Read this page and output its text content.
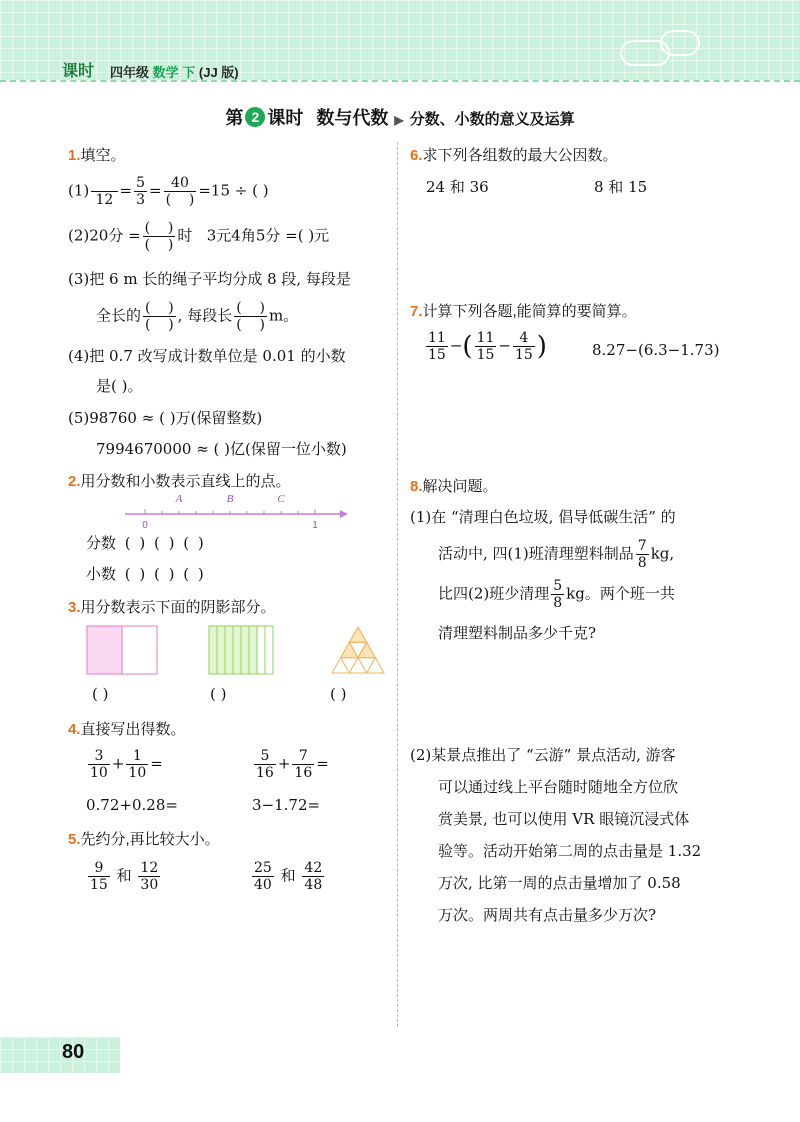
课时 四年级 数学 下 (JJ 版)
第 2 课时 数与代数 ▶ 分数、小数的意义及运算
1.填空。
(1)

12
= $\frac{5}{3} = \frac{40}{( )} =15$ ÷ ( )
(2)20分 = $\frac{( )}{( )}$ 时 3元4角5分 =( )元
(3)把 6 m 长的绳子平均分成 8 段, 每段是
全长的 $\frac{( )}{( )}$ , 每段长 $\frac{( )}{( )}$ m。
(4)把 0.7 改写成计数单位是 0.01 的小数
是( )。
(5)98760 ≈ ( )万(保留整数)
7994670000 ≈ ( )亿(保留一位小数)
2.用分数和小数表示直线上的点。
A	B	C
0	1
分数 ( ) ( ) ( )
小数 ( ) ( ) ( )
3.用分数表示下面的阴影部分。
( )	( )	( )
4.直接写出得数。
$\frac{3}{10} + \frac{1}{10}$ =	$\frac{5}{16} + \frac{7}{16}$ =
0.72+0.28=	3−1.72=
5.先约分,再比较大小。
$\frac{9}{15}$ 和 $\frac{12}{30}$	$\frac{25}{40}$ 和 $\frac{42}{48}$
6.求下列各组数的最大公因数。
24 和 36	8 和 15
7.计算下列各题,能简算的要简算。
$\frac{11}{15}$ −( $\frac{11}{15} - \frac{4}{15}$ )	8.27−(6.3−1.73)
8.解决问题。
(1)在 “清理白色垃圾, 倡导低碳生活” 的
活动中, 四(1)班清理塑料制品 $\frac{7}{8}$ kg,
比四(2)班少清理 $\frac{5}{8}$ kg。两个班一共
清理塑料制品多少千克?
(2)某景点推出了 “云游” 景点活动, 游客
可以通过线上平台随时随地全方位欣
赏美景, 也可以使用 VR 眼镜沉浸式体
验等。活动开始第二周的点击量是 1.32
万次, 比第一周的点击量增加了 0.58
万次。两周共有点击量多少万次?
80
